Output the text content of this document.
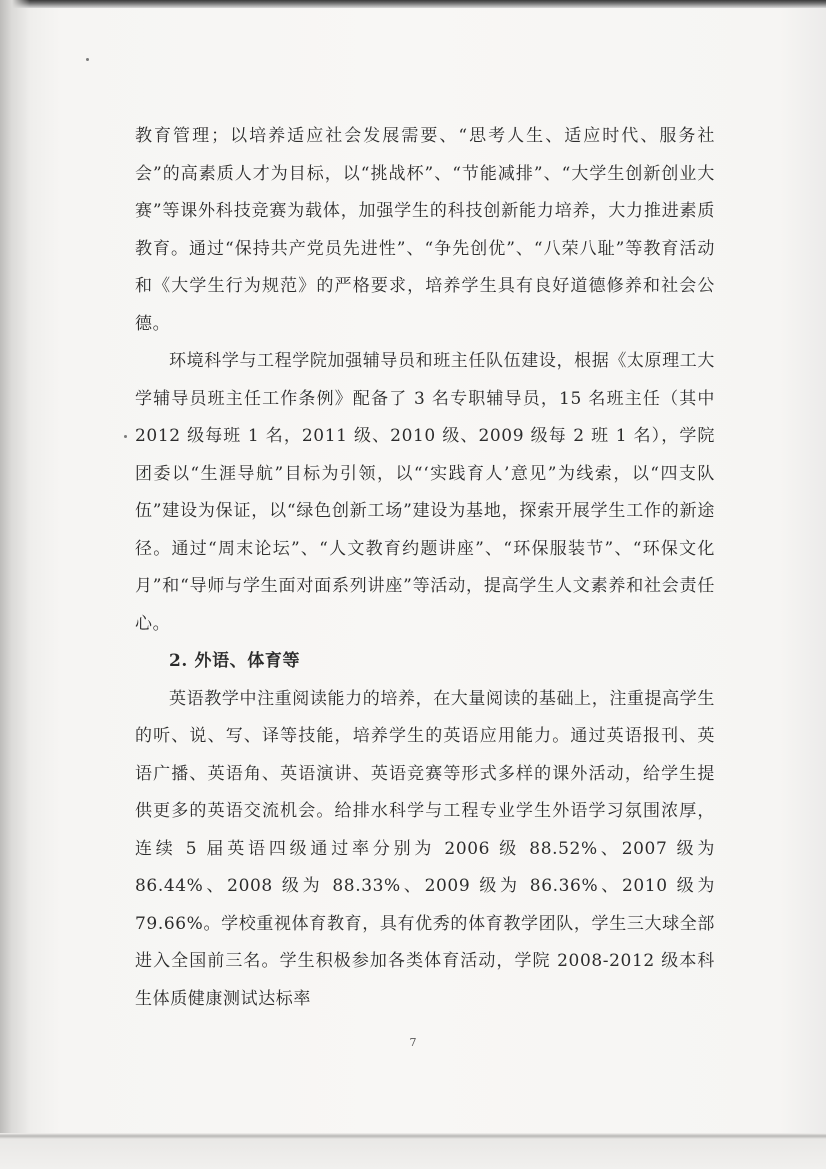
教育管理；以培养适应社会发展需要、“思考人生、适应时代、服务社会”的高素质人才为目标，以“挑战杯”、“节能减排”、“大学生创新创业大赛”等课外科技竞赛为载体，加强学生的科技创新能力培养，大力推进素质教育。通过“保持共产党员先进性”、“争先创优”、“八荣八耻”等教育活动和《大学生行为规范》的严格要求，培养学生具有良好道德修养和社会公德。

环境科学与工程学院加强辅导员和班主任队伍建设，根据《太原理工大学辅导员班主任工作条例》配备了 3 名专职辅导员，15 名班主任（其中 2012 级每班 1 名，2011 级、2010 级、2009 级每 2 班 1 名），学院团委以“生涯导航”目标为引领，以“‘实践育人’意见”为线索，以“四支队伍”建设为保证，以“绿色创新工场”建设为基地，探索开展学生工作的新途径。通过“周末论坛”、“人文教育约题讲座”、“环保服装节”、“环保文化月”和“导师与学生面对面系列讲座”等活动，提高学生人文素养和社会责任心。

2. 外语、体育等

英语教学中注重阅读能力的培养，在大量阅读的基础上，注重提高学生的听、说、写、译等技能，培养学生的英语应用能力。通过英语报刊、英语广播、英语角、英语演讲、英语竞赛等形式多样的课外活动，给学生提供更多的英语交流机会。给排水科学与工程专业学生外语学习氛围浓厚，连续 5 届英语四级通过率分别为 2006 级 88.52%、2007 级为 86.44%、2008 级为 88.33%、2009 级为 86.36%、2010 级为 79.66%。学校重视体育教育，具有优秀的体育教学团队，学生三大球全部进入全国前三名。学生积极参加各类体育活动，学院 2008-2012 级本科生体质健康测试达标率

7
